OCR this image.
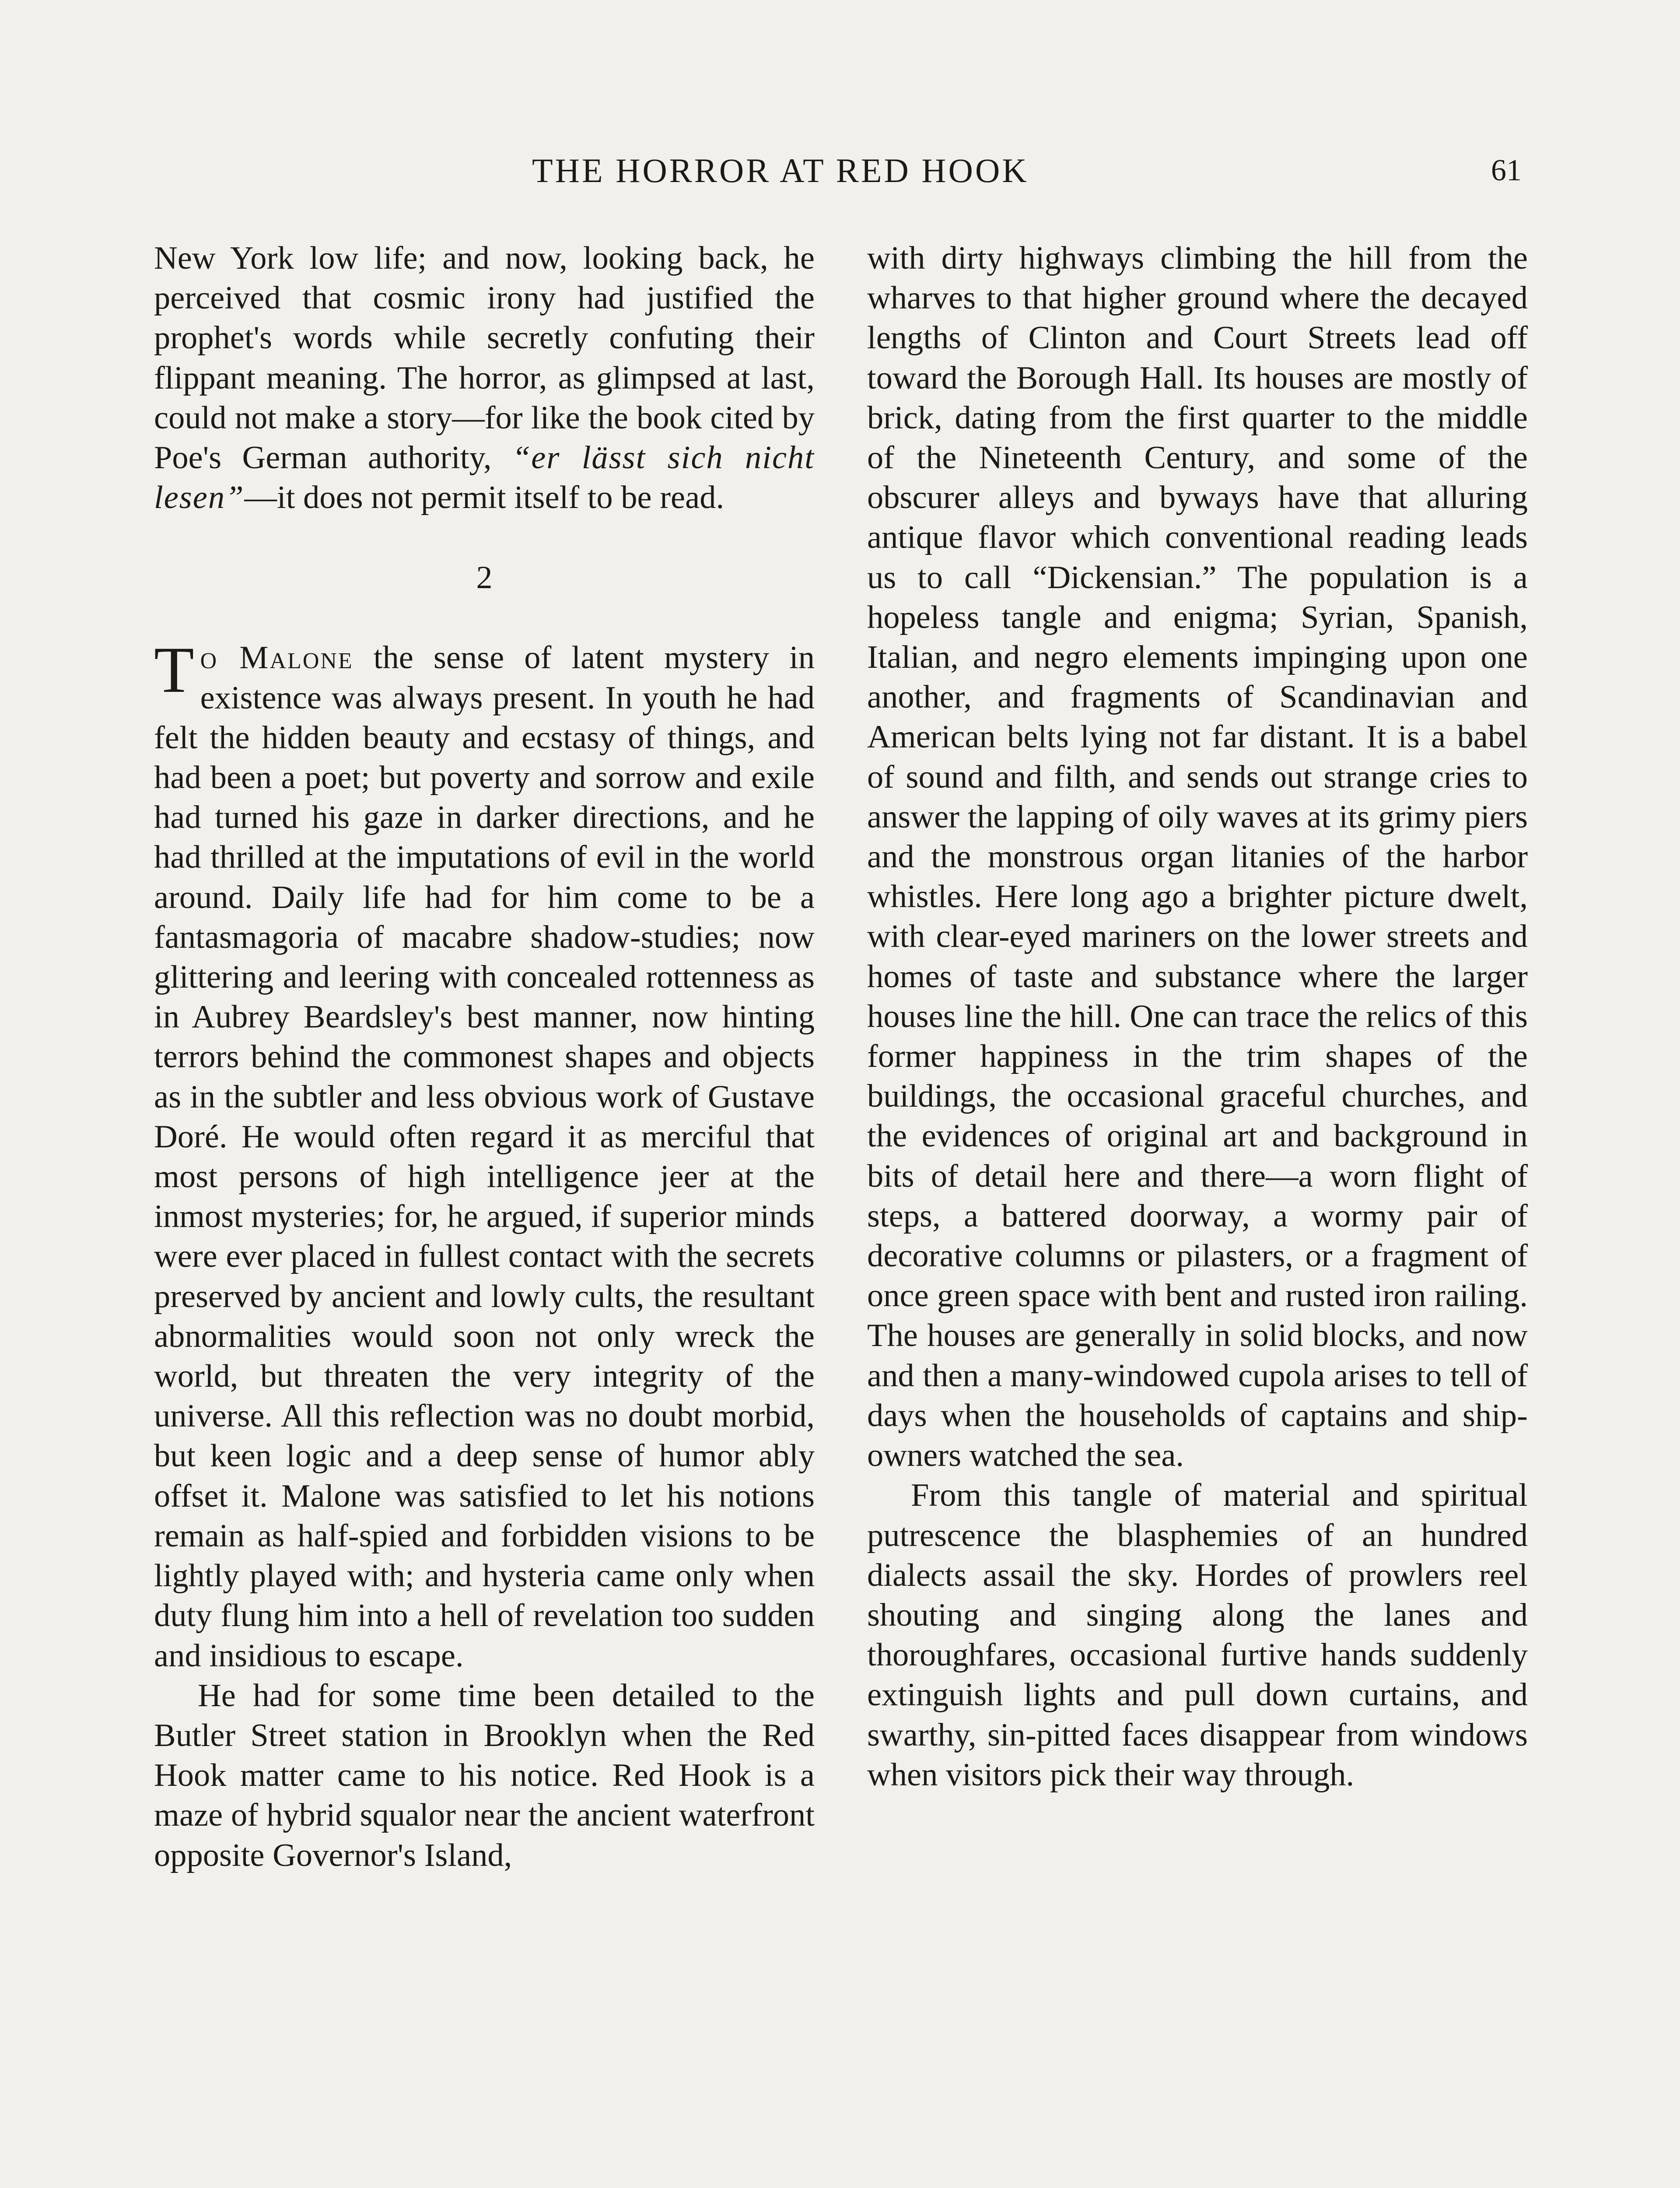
THE HORROR AT RED HOOK	61

New York low life; and now, looking back, he perceived that cosmic irony had justified the prophet's words while secretly confuting their flippant meaning. The horror, as glimpsed at last, could not make a story—for like the book cited by Poe's German authority, “er lässt sich nicht lesen”—it does not permit itself to be read.

2

To Malone the sense of latent mystery in existence was always present. In youth he had felt the hidden beauty and ecstasy of things, and had been a poet; but poverty and sorrow and exile had turned his gaze in darker directions, and he had thrilled at the imputations of evil in the world around. Daily life had for him come to be a fantasmagoria of macabre shadow-studies; now glittering and leering with concealed rottenness as in Aubrey Beardsley's best manner, now hinting terrors behind the commonest shapes and objects as in the subtler and less obvious work of Gustave Doré. He would often regard it as merciful that most persons of high intelligence jeer at the inmost mysteries; for, he argued, if superior minds were ever placed in fullest contact with the secrets preserved by ancient and lowly cults, the resultant abnormalities would soon not only wreck the world, but threaten the very integrity of the universe. All this reflection was no doubt morbid, but keen logic and a deep sense of humor ably offset it. Malone was satisfied to let his notions remain as half-spied and forbidden visions to be lightly played with; and hysteria came only when duty flung him into a hell of revelation too sudden and insidious to escape.

He had for some time been detailed to the Butler Street station in Brooklyn when the Red Hook matter came to his notice. Red Hook is a maze of hybrid squalor near the ancient waterfront opposite Governor's Island,

with dirty highways climbing the hill from the wharves to that higher ground where the decayed lengths of Clinton and Court Streets lead off toward the Borough Hall. Its houses are mostly of brick, dating from the first quarter to the middle of the Nineteenth Century, and some of the obscurer alleys and byways have that alluring antique flavor which conventional reading leads us to call “Dickensian.” The population is a hopeless tangle and enigma; Syrian, Spanish, Italian, and negro elements impinging upon one another, and fragments of Scandinavian and American belts lying not far distant. It is a babel of sound and filth, and sends out strange cries to answer the lapping of oily waves at its grimy piers and the monstrous organ litanies of the harbor whistles. Here long ago a brighter picture dwelt, with clear-eyed mariners on the lower streets and homes of taste and substance where the larger houses line the hill. One can trace the relics of this former happiness in the trim shapes of the buildings, the occasional graceful churches, and the evidences of original art and background in bits of detail here and there—a worn flight of steps, a battered doorway, a wormy pair of decorative columns or pilasters, or a fragment of once green space with bent and rusted iron railing. The houses are generally in solid blocks, and now and then a many-windowed cupola arises to tell of days when the households of captains and ship-owners watched the sea.

From this tangle of material and spiritual putrescence the blasphemies of an hundred dialects assail the sky. Hordes of prowlers reel shouting and singing along the lanes and thoroughfares, occasional furtive hands suddenly extinguish lights and pull down curtains, and swarthy, sin-pitted faces disappear from windows when visitors pick their way through.
